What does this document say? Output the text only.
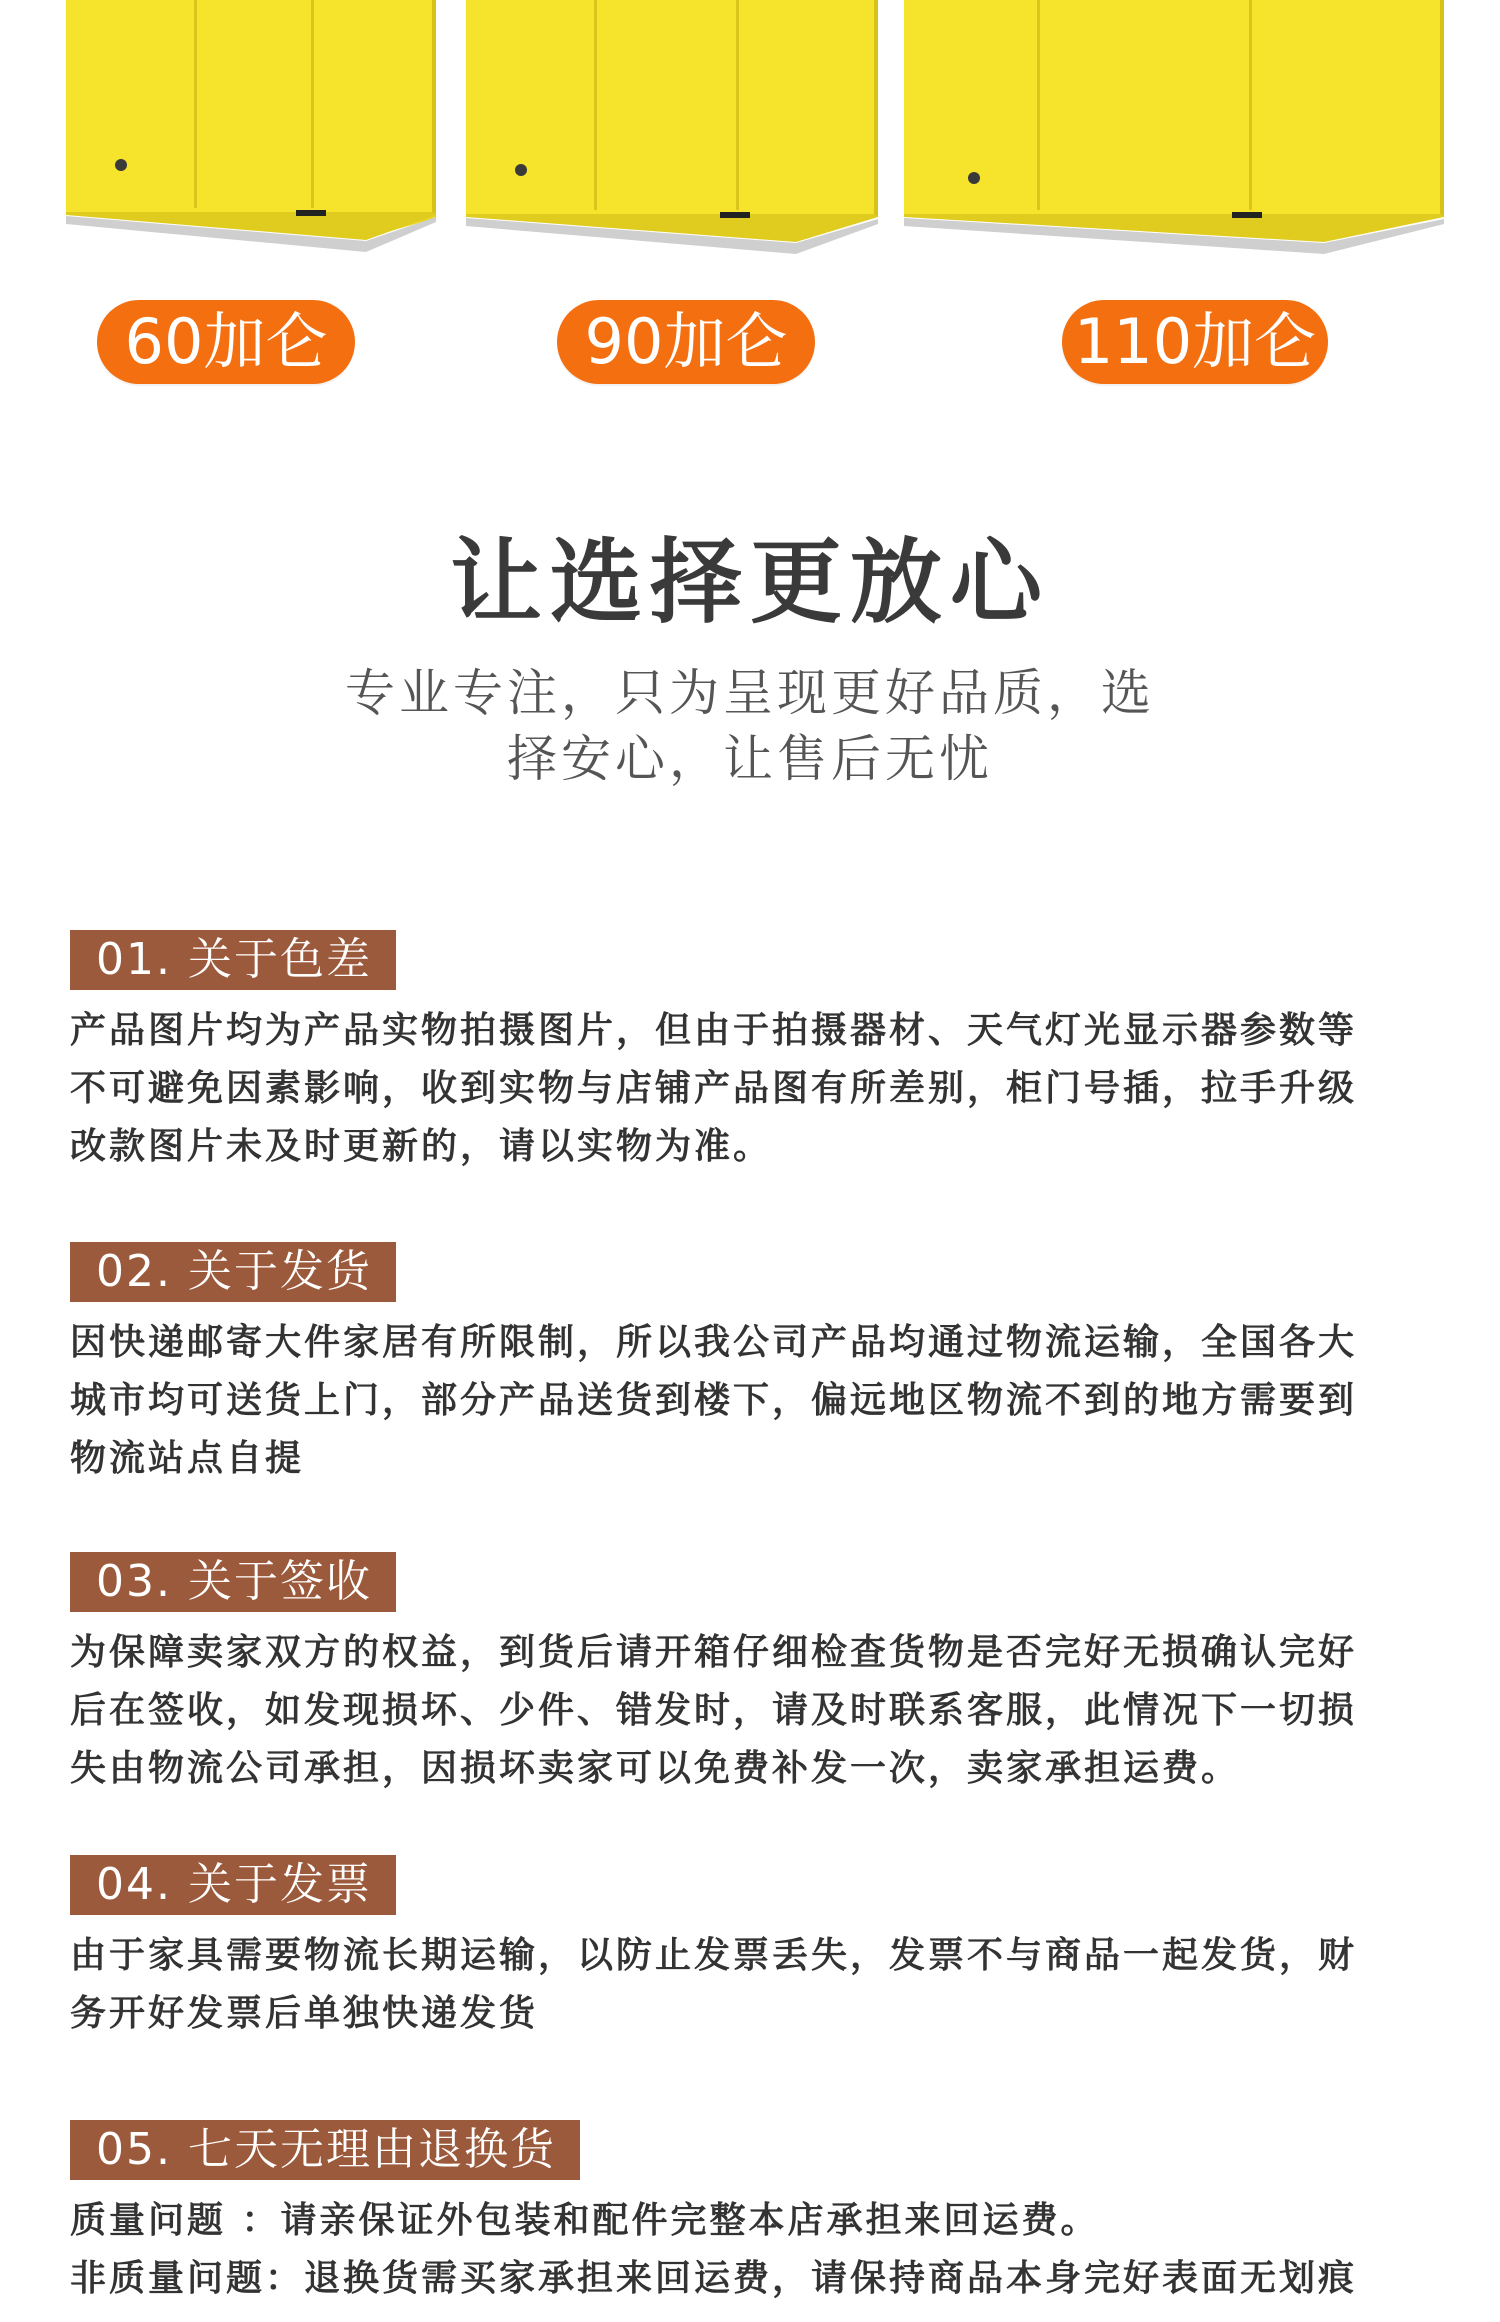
60加仑	90加仑	110加仑
让选择更放心
专业专注，只为呈现更好品质，选
择安心，让售后无忧
01. 关于色差

产品图片均为产品实物拍摄图片，但由于拍摄器材、天气灯光显示器参数等

不可避免因素影响，收到实物与店铺产品图有所差别，柜门号插，拉手升级

改款图片未及时更新的，请以实物为准。

02. 关于发货

因快递邮寄大件家居有所限制，所以我公司产品均通过物流运输，全国各大

城市均可送货上门，部分产品送货到楼下，偏远地区物流不到的地方需要到

物流站点自提

03. 关于签收

为保障卖家双方的权益，到货后请开箱仔细检查货物是否完好无损确认完好

后在签收，如发现损坏、少件、错发时，请及时联系客服，此情况下一切损

失由物流公司承担，因损坏卖家可以免费补发一次，卖家承担运费。

04. 关于发票

由于家具需要物流长期运输，以防止发票丢失，发票不与商品一起发货，财

务开好发票后单独快递发货

05. 七天无理由退换货

质量问题 ：请亲保证外包装和配件完整本店承担来回运费。

非质量问题：退换货需买家承担来回运费，请保持商品本身完好表面无划痕
